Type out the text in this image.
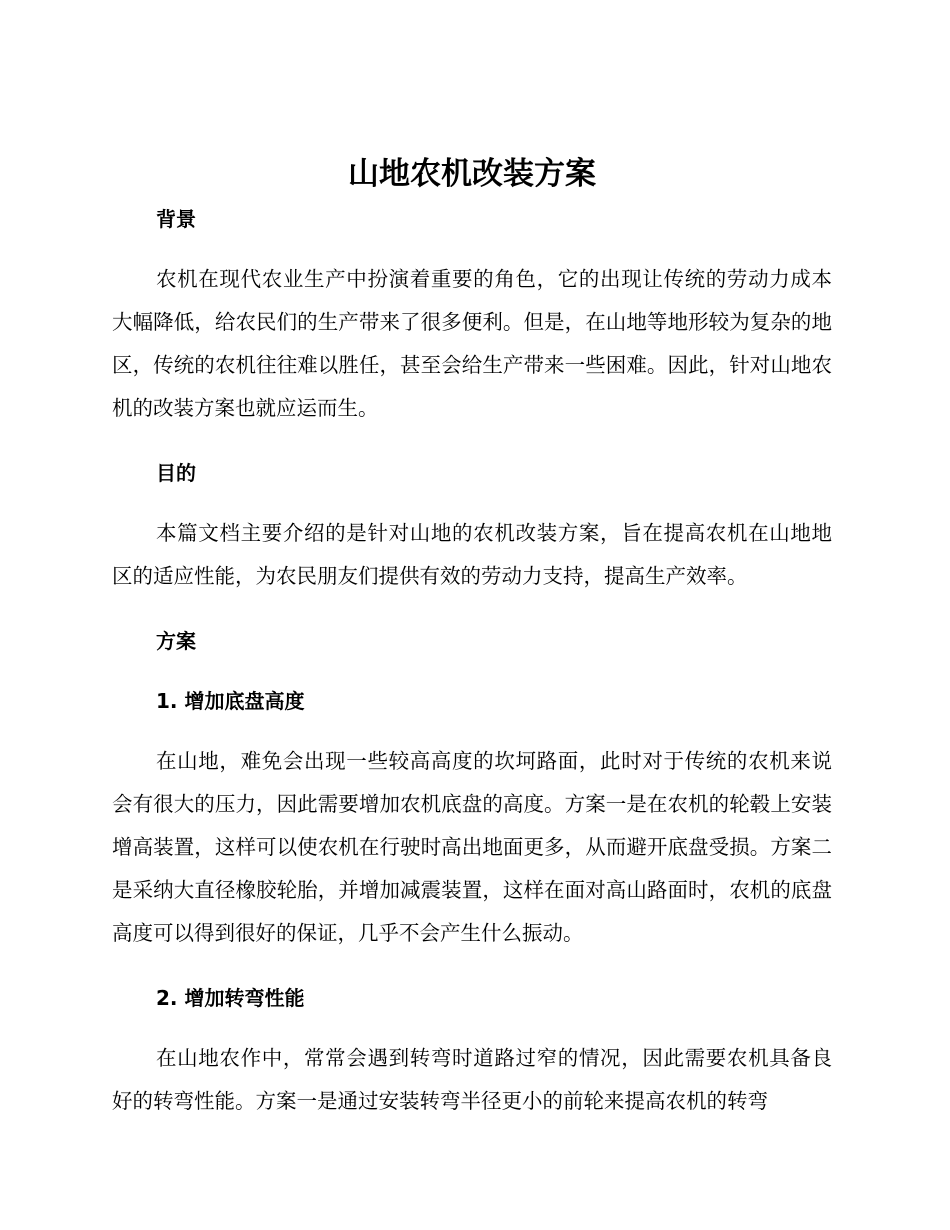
山地农机改装方案
背景

农机在现代农业生产中扮演着重要的角色，它的出现让传统的劳动力成本大幅降低，给农民们的生产带来了很多便利。但是，在山地等地形较为复杂的地区，传统的农机往往难以胜任，甚至会给生产带来一些困难。因此，针对山地农机的改装方案也就应运而生。

目的

本篇文档主要介绍的是针对山地的农机改装方案，旨在提高农机在山地地区的适应性能，为农民朋友们提供有效的劳动力支持，提高生产效率。

方案
1. 增加底盘高度

在山地，难免会出现一些较高高度的坎坷路面，此时对于传统的农机来说会有很大的压力，因此需要增加农机底盘的高度。方案一是在农机的轮毂上安装增高装置，这样可以使农机在行驶时高出地面更多，从而避开底盘受损。方案二是采纳大直径橡胶轮胎，并增加减震装置，这样在面对高山路面时，农机的底盘高度可以得到很好的保证，几乎不会产生什么振动。

2. 增加转弯性能

在山地农作中，常常会遇到转弯时道路过窄的情况，因此需要农机具备良好的转弯性能。方案一是通过安装转弯半径更小的前轮来提高农机的转弯
